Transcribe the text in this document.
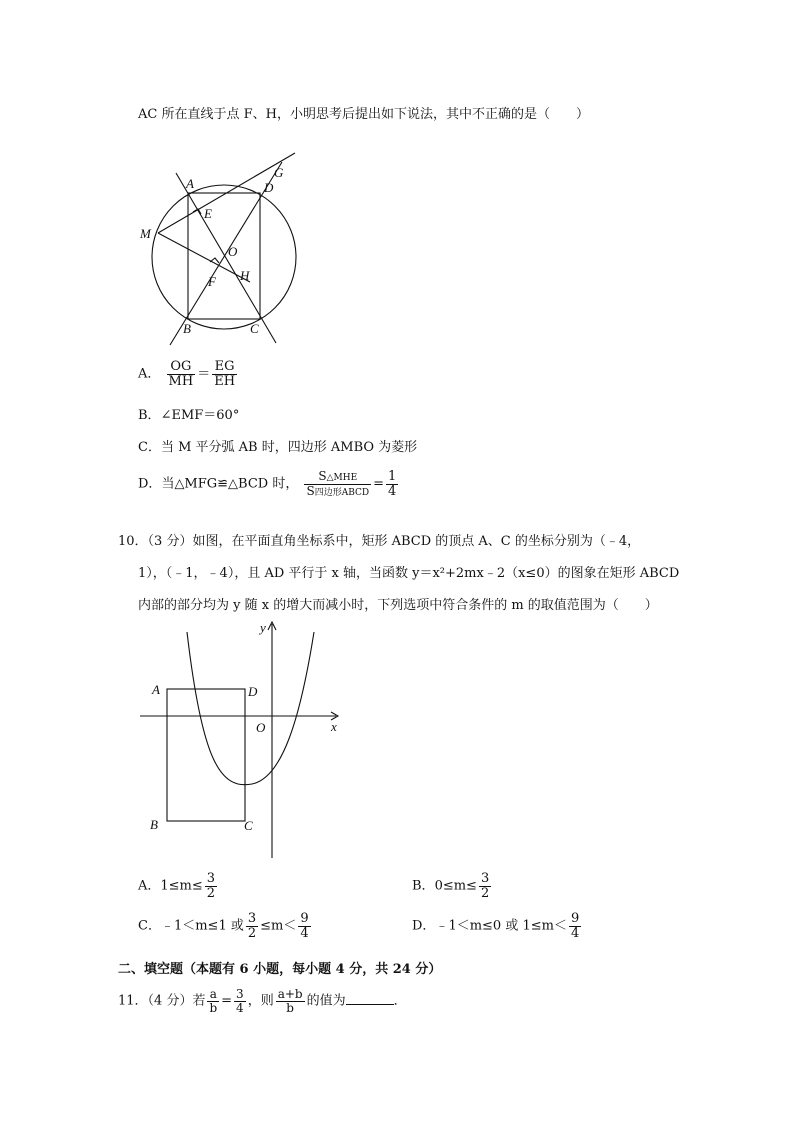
AC 所在直线于点 F、H，小明思考后提出如下说法，其中不正确的是（　　）
A	D
G
E
M
O
H
F
B	C
A． $\frac{OG}{MH} = \frac{EG}{EH}$
B．∠EMF＝60°
C．当 M 平分弧 AB 时，四边形 AMBO 为菱形
D．当△MFG≌△BCD 时， $\frac{\text{S△MHE}}{\text{S四边形ABCD}} = \frac{1}{4}$
10．（3 分）如图，在平面直角坐标系中，矩形 ABCD 的顶点 A、C 的坐标分别为（﹣4，
1），（﹣1，﹣4），且 AD 平行于 x 轴，当函数 y＝x²+2mx﹣2（x≤0）的图象在矩形 ABCD
内部的部分均为 y 随 x 的增大而减小时，下列选项中符合条件的 m 的取值范围为（　　）
y
x
O
A	D
B	C
A．$1\le m\le \frac{3}{2}$	B．$0\le m\le \frac{3}{2}$
C．﹣1＜m≤1 或 $\frac{3}{2} \le m< \frac{9}{4}$	D．﹣1＜m≤0 或 $1\le m< \frac{9}{4}$
二、填空题（本题有 6 小题，每小题 4 分，共 24 分）
11．（4 分）若 $\frac{a}{b} = \frac{3}{4}$ ，则 $\frac{a+b}{b}$ 的值为	．
